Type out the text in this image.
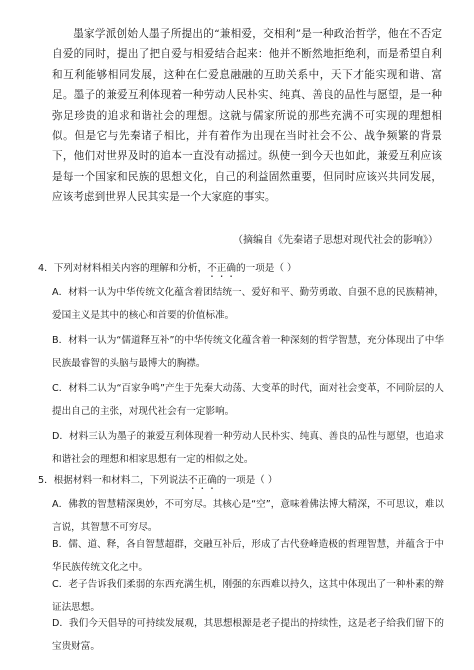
墨家学派创始人墨子所提出的“兼相爱，交相利”是一种政治哲学，他在不否定自爱的同时，提出了把自爱与相爱结合起来：他并不断然地拒绝利，而是希望自利和互利能够相同发展，这种在仁爱息融融的互助关系中，天下才能实现和谐、富足。墨子的兼爱互利体现着一种劳动人民朴实、纯真、善良的品性与愿望，是一种弥足珍贵的追求和谐社会的理想。这就与儒家所说的那些充满不可实现的理想相似。但是它与先秦诸子相比，并有着作为出现在当时社会不公、战争频繁的背景下，他们对世界及时的追本一直没有动摇过。纵使一到今天也如此，兼爱互利应该是每一个国家和民族的思想文化，自己的利益固然重要，但同时应该兴共同发展，应该考虑到世界人民其实是一个大家庭的事实。

（摘编自《先秦诸子思想对现代社会的影响》）

4．下列对材料相关内容的理解和分析，不正确的一项是（ ）

A．材料一认为中华传统文化蕴含着团结统一、爱好和平、勤劳勇敢、自强不息的民族精神，爱国主义是其中的核心和首要的价值标准。

B．材料一认为“儒道释互补”的中华传统文化蕴含着一种深刻的哲学智慧，充分体现出了中华民族最睿智的头脑与最博大的胸襟。

C．材料二认为“百家争鸣”产生于先秦大动荡、大变革的时代，面对社会变革，不同阶层的人提出自己的主张，对现代社会有一定影响。

D．材料三认为墨子的兼爱互利体现着一种劳动人民朴实、纯真、善良的品性与愿望，也追求和谐社会的理想和相家思想有一定的相似之处。

5．根据材料一和材料二，下列说法不正确的一项是（ ）

A．佛教的智慧精深奥妙，不可穷尽。其核心是“空”，意味着佛法博大精深，不可思议，难以言说，其智慧不可穷尽。

B．儒、道、释，各自智慧超群，交融互补后，形成了古代登峰造极的哲理智慧，并蕴含于中华民族传统文化之中。

C．老子告诉我们柔弱的东西充满生机，刚强的东西难以持久，这其中体现出了一种朴素的辩证法思想。

D．我们今天倡导的可持续发展观，其思想根源是老子提出的持续性，这是老子给我们留下的宝贵财富。
